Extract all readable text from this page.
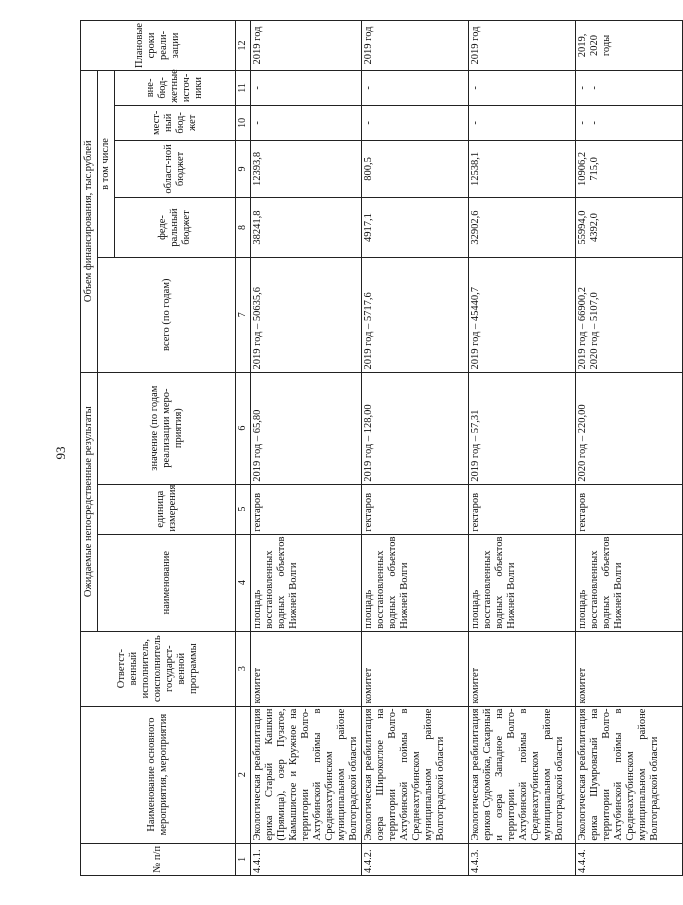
93
№ п/п	Наименование основного мероприятия, мероприятия	Ответст-венный исполнитель, соисполнитель государст-венной программы	Ожидаемые непосредственные результаты			Объем финансирования, тыс.рублей					Плановые сроки реали-зации
			наименование	единица измерения	значение (по годам реализации меро-приятия)	всего (по годам)	в том числе				
							феде-ральный бюджет	област-ной бюджет	мест-ный бюд-жет	вне-бюд-жетные источ-ники	
1	2	3	4	5	6	7	8	9	10	11	12
4.4.1.	Экологическая реабилитация ерика Старый Кашкин (Прямица), озер Пузатое, Камышистое и Кружное на территории Волго-Ахтубинской поймы в Среднеахтубинском муниципальном районе Волгоградской области	комитет	площадь восстановленных водных объектов Нижней Волги	гектаров	2019 год – 65,80	2019 год – 50635,6	38241,8	12393,8	-	-	2019 год
4.4.2.	Экологическая реабилитация озера Широкоглое на территории Волго-Ахтубинской поймы в Среднеахтубинском муниципальном районе Волгоградской области	комитет	площадь восстановленных водных объектов Нижней Волги	гектаров	2019 год – 128,00	2019 год – 5717,6	4917,1	800,5	-	-	2019 год
4.4.3.	Экологическая реабилитация ериков Судомойка, Сахарный и озера Западное на территории Волго-Ахтубинской поймы в Среднеахтубинском муниципальном районе Волгоградской области	комитет	площадь восстановленных водных объектов Нижней Волги	гектаров	2019 год – 57,31	2019 год – 45440,7	32902,6	12538,1	-	-	2019 год
4.4.4.	Экологическая реабилитация ерика Шумроватый на территории Волго-Ахтубинской поймы в Среднеахтубинском муниципальном районе Волгоградской области	комитет	площадь восстановленных водных объектов Нижней Волги	гектаров	2020 год – 220,00	2019 год – 66900,2 2020 год – 5107,0	55994,0 4392,0	10906,2 715,0	- -	- -	2019, 2020 годы
